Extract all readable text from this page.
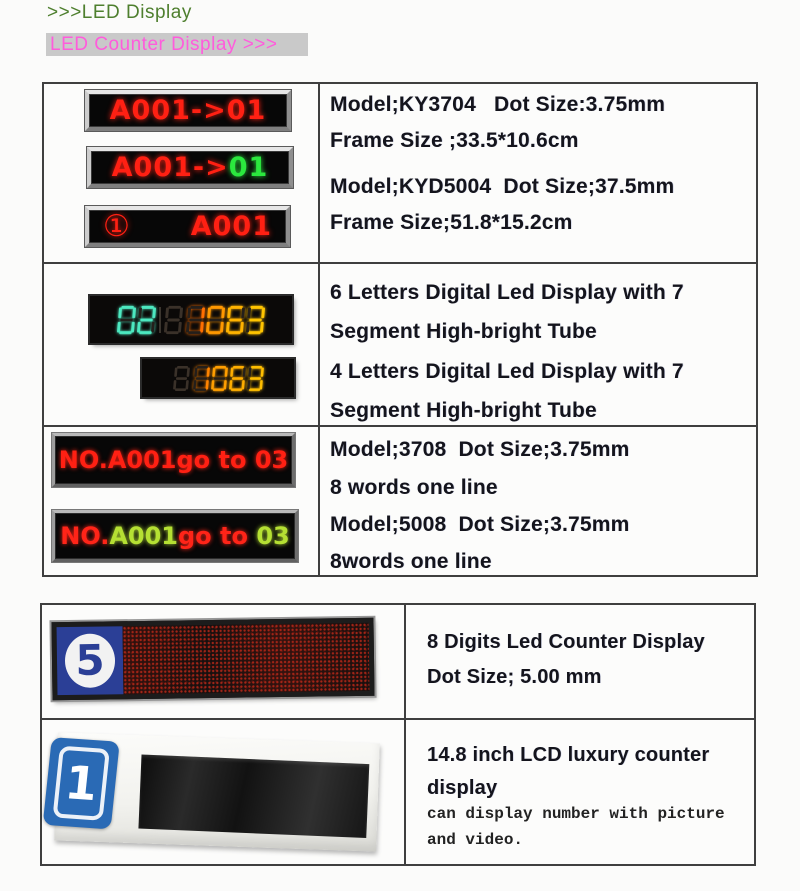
>>>LED Display
LED Counter Display >>>
A001->01
A001-> 01
① A001
Model;KY3704   Dot Size:3.75mm
Frame Size ;33.5*10.6cm
Model;KYD5004  Dot Size;37.5mm
Frame Size;51.8*15.2cm
6 Letters Digital Led Display with 7 Segment High-bright Tube
4 Letters Digital Led Display with 7 Segment High-bright Tube
NO.A001go to 03
NO. A001 go to 03
Model;3708  Dot Size;3.75mm
8 words one line
Model;5008  Dot Size;3.75mm
8words one line
5	8 Digits Led Counter Display
Dot Size; 5.00 mm
1
14.8 inch LCD luxury counter
display
can display number with picture
and video.
